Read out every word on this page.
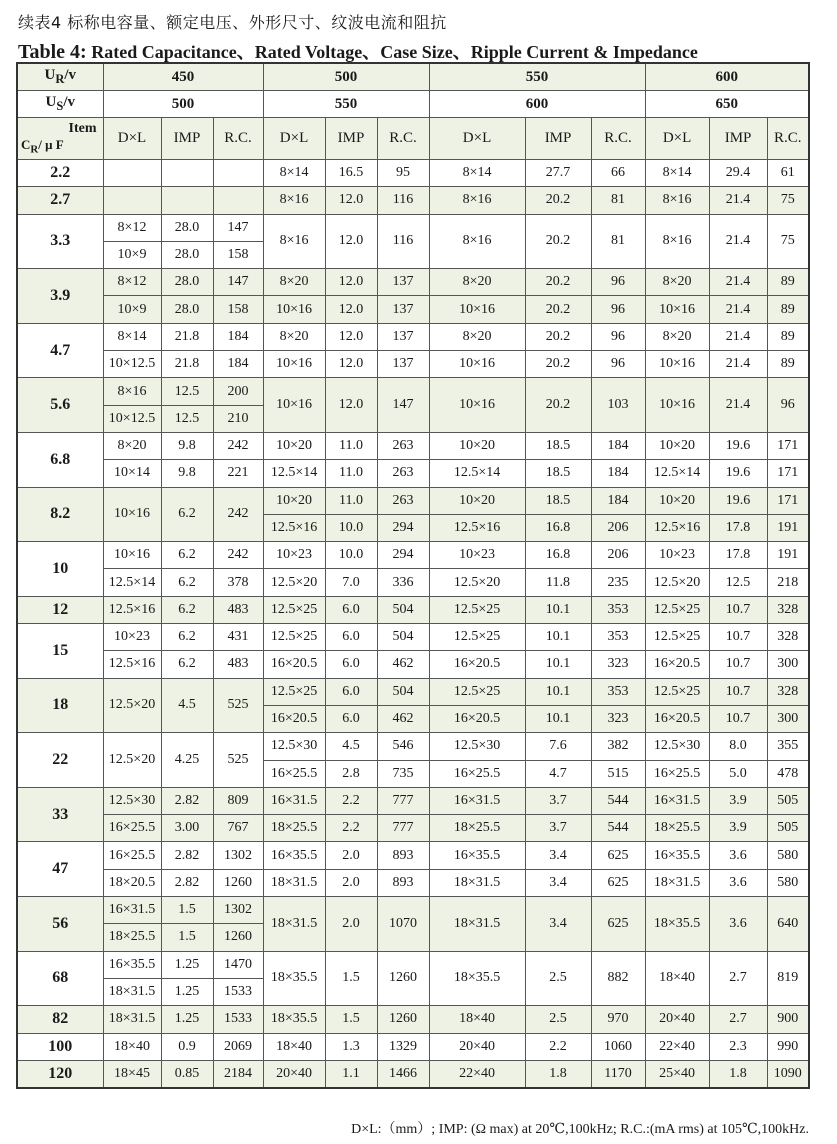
续表4 标称电容量、额定电压、外形尺寸、纹波电流和阻抗
Table 4: Rated Capacitance、Rated Voltage、Case Size、Ripple Current & Impedance
$U_R/v$	450			500			550			600		
$U_S/v$	500			550			600			650		

Item
$C_R/$ μ F	D×L	IMP	R.C.	D×L	IMP	R.C.	D×L	IMP	R.C.	D×L	IMP	R.C.
2.2				8×14	16.5	95	8×14	27.7	66	8×14	29.4	61
2.7				8×16	12.0	116	8×16	20.2	81	8×16	21.4	75
3.3	8×12	28.0	147	8×16	12.0	116	8×16	20.2	81	8×16	21.4	75
	10×9	28.0	158									
3.9	8×12	28.0	147	8×20	12.0	137	8×20	20.2	96	8×20	21.4	89
	10×9	28.0	158	10×16	12.0	137	10×16	20.2	96	10×16	21.4	89
4.7	8×14	21.8	184	8×20	12.0	137	8×20	20.2	96	8×20	21.4	89
	10×12.5	21.8	184	10×16	12.0	137	10×16	20.2	96	10×16	21.4	89
5.6	8×16	12.5	200	10×16	12.0	147	10×16	20.2	103	10×16	21.4	96
	10×12.5	12.5	210									
6.8	8×20	9.8	242	10×20	11.0	263	10×20	18.5	184	10×20	19.6	171
	10×14	9.8	221	12.5×14	11.0	263	12.5×14	18.5	184	12.5×14	19.6	171
8.2	10×16	6.2	242	10×20	11.0	263	10×20	18.5	184	10×20	19.6	171
				12.5×16	10.0	294	12.5×16	16.8	206	12.5×16	17.8	191
10	10×16	6.2	242	10×23	10.0	294	10×23	16.8	206	10×23	17.8	191
	12.5×14	6.2	378	12.5×20	7.0	336	12.5×20	11.8	235	12.5×20	12.5	218
12	12.5×16	6.2	483	12.5×25	6.0	504	12.5×25	10.1	353	12.5×25	10.7	328
15	10×23	6.2	431	12.5×25	6.0	504	12.5×25	10.1	353	12.5×25	10.7	328
	12.5×16	6.2	483	16×20.5	6.0	462	16×20.5	10.1	323	16×20.5	10.7	300
18	12.5×20	4.5	525	12.5×25	6.0	504	12.5×25	10.1	353	12.5×25	10.7	328
				16×20.5	6.0	462	16×20.5	10.1	323	16×20.5	10.7	300
22	12.5×20	4.25	525	12.5×30	4.5	546	12.5×30	7.6	382	12.5×30	8.0	355
				16×25.5	2.8	735	16×25.5	4.7	515	16×25.5	5.0	478
33	12.5×30	2.82	809	16×31.5	2.2	777	16×31.5	3.7	544	16×31.5	3.9	505
	16×25.5	3.00	767	18×25.5	2.2	777	18×25.5	3.7	544	18×25.5	3.9	505
47	16×25.5	2.82	1302	16×35.5	2.0	893	16×35.5	3.4	625	16×35.5	3.6	580
	18×20.5	2.82	1260	18×31.5	2.0	893	18×31.5	3.4	625	18×31.5	3.6	580
56	16×31.5	1.5	1302	18×31.5	2.0	1070	18×31.5	3.4	625	18×35.5	3.6	640
	18×25.5	1.5	1260									
68	16×35.5	1.25	1470	18×35.5	1.5	1260	18×35.5	2.5	882	18×40	2.7	819
	18×31.5	1.25	1533									
82	18×31.5	1.25	1533	18×35.5	1.5	1260	18×40	2.5	970	20×40	2.7	900
100	18×40	0.9	2069	18×40	1.3	1329	20×40	2.2	1060	22×40	2.3	990
120	18×45	0.85	2184	20×40	1.1	1466	22×40	1.8	1170	25×40	1.8	1090
D×L:（mm）; IMP: (Ω max) at 20℃,100kHz; R.C.:(mA rms) at 105℃,100kHz.
